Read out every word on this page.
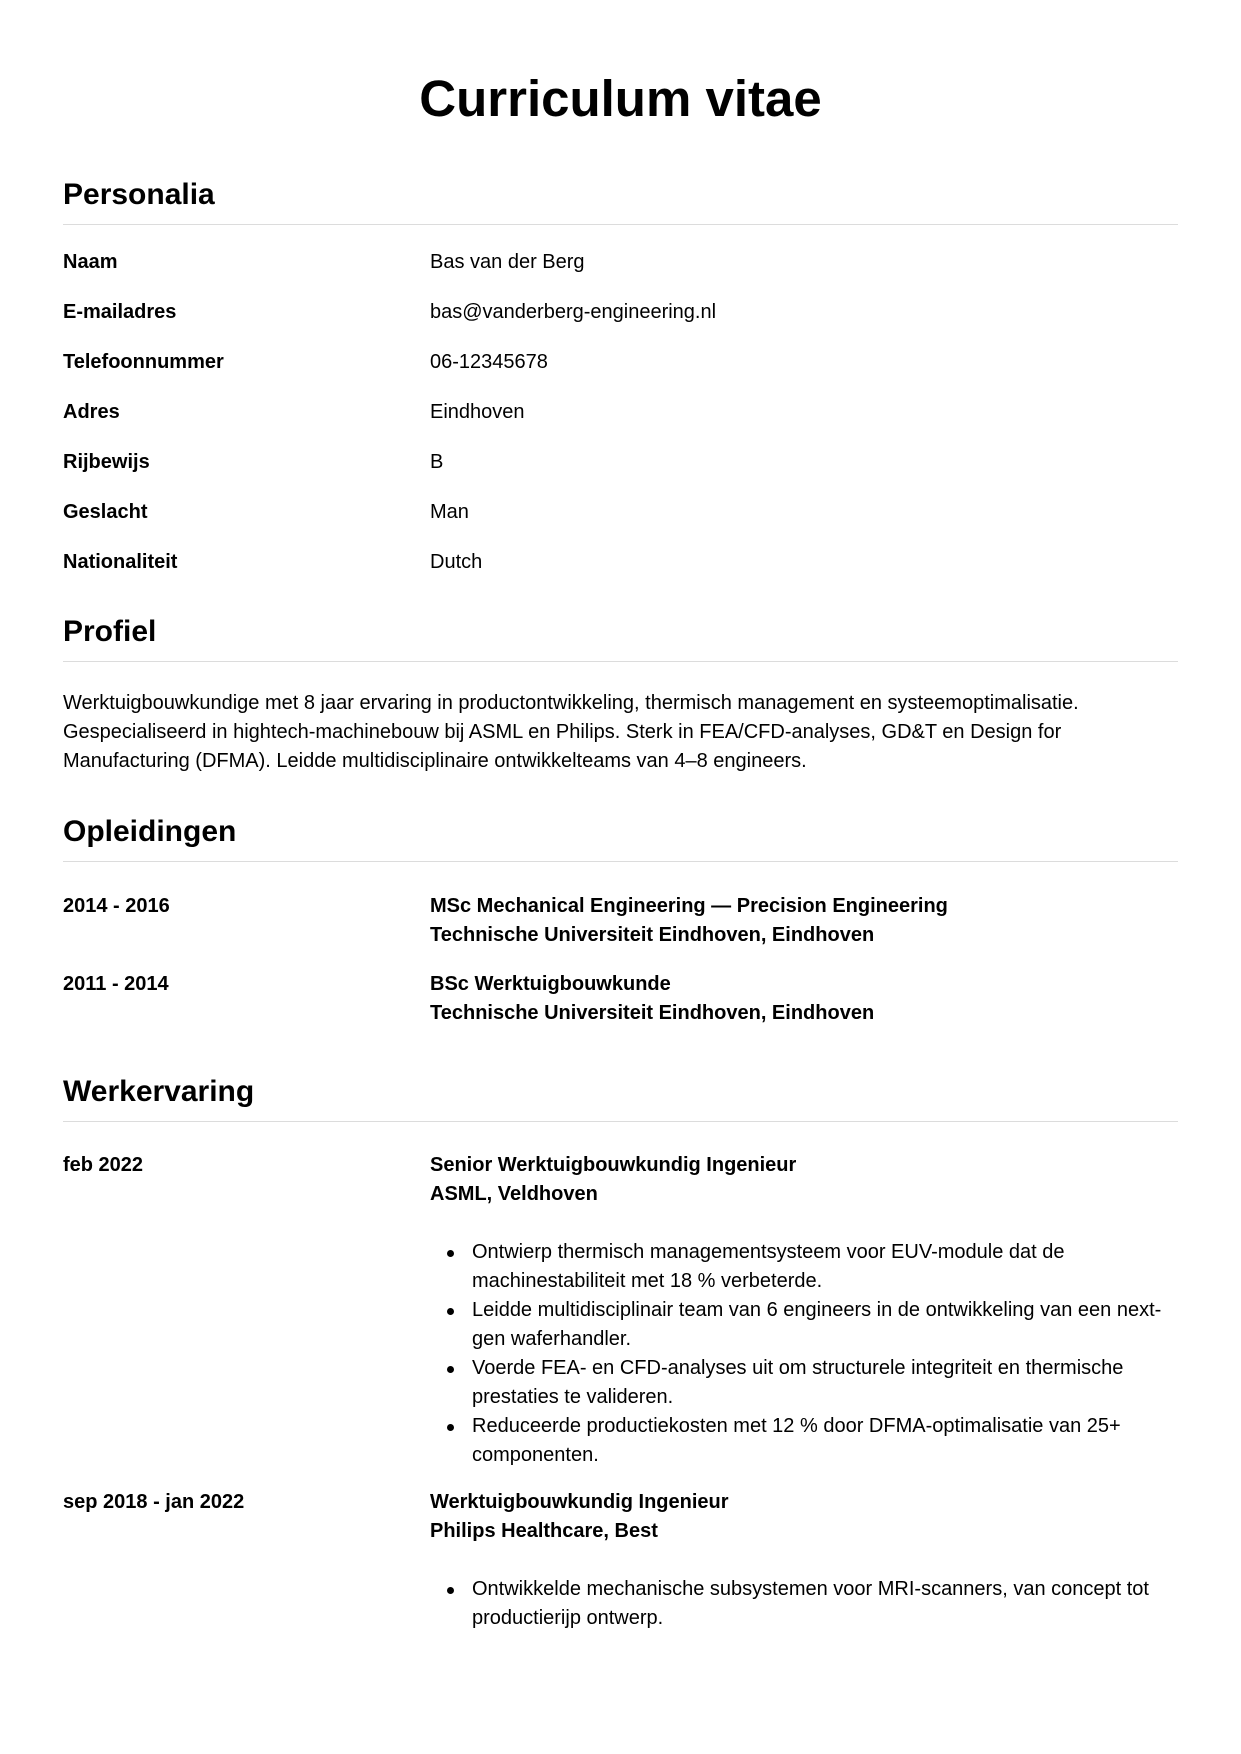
Curriculum vitae
Personalia
Naam	Bas van der Berg
E-mailadres	bas@vanderberg-engineering.nl
Telefoonnummer	06-12345678
Adres	Eindhoven
Rijbewijs	B
Geslacht	Man
Nationaliteit	Dutch
Profiel

Werktuigbouwkundige met 8 jaar ervaring in productontwikkeling, thermisch management en systeemoptimalisatie. Gespecialiseerd in hightech-machinebouw bij ASML en Philips. Sterk in FEA/CFD-analyses, GD&T en Design for Manufacturing (DFMA). Leidde multidisciplinaire ontwikkelteams van 4–8 engineers.

Opleidingen
2014 - 2016	MSc Mechanical Engineering — Precision Engineering
Technische Universiteit Eindhoven, Eindhoven
2011 - 2014	BSc Werktuigbouwkunde
Technische Universiteit Eindhoven, Eindhoven
Werkervaring
feb 2022	Senior Werktuigbouwkundig Ingenieur
ASML, Veldhoven
Ontwierp thermisch managementsysteem voor EUV-module dat de machinestabiliteit met 18 % verbeterde.
Leidde multidisciplinair team van 6 engineers in de ontwikkeling van een next-gen waferhandler.
Voerde FEA- en CFD-analyses uit om structurele integriteit en thermische prestaties te valideren.
Reduceerde productiekosten met 12 % door DFMA-optimalisatie van 25+ componenten.
sep 2018 - jan 2022	Werktuigbouwkundig Ingenieur
Philips Healthcare, Best
Ontwikkelde mechanische subsystemen voor MRI-scanners, van concept tot productierijp ontwerp.
